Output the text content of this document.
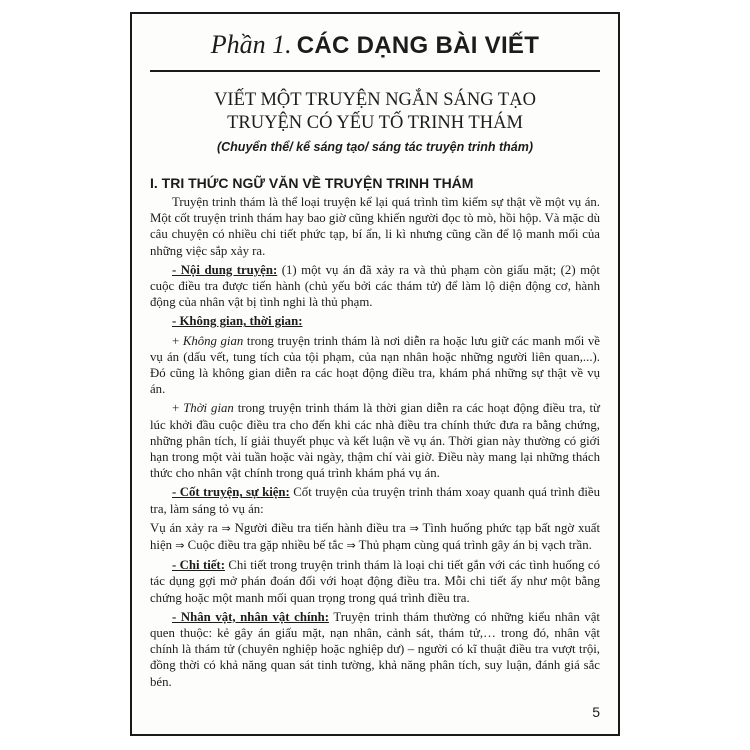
Phần 1. CÁC DẠNG BÀI VIẾT
VIẾT MỘT TRUYỆN NGẮN SÁNG TẠO
TRUYỆN CÓ YẾU TỐ TRINH THÁM
(Chuyển thể/ kể sáng tạo/ sáng tác truyện trinh thám)
I. TRI THỨC NGỮ VĂN VỀ TRUYỆN TRINH THÁM

Truyện trinh thám là thể loại truyện kể lại quá trình tìm kiếm sự thật về một vụ án. Một cốt truyện trinh thám hay bao giờ cũng khiến người đọc tò mò, hồi hộp. Và mặc dù câu chuyện có nhiều chi tiết phức tạp, bí ẩn, li kì nhưng cũng cần để lộ manh mối của những việc sắp xảy ra.

- Nội dung truyện: (1) một vụ án đã xảy ra và thủ phạm còn giấu mặt; (2) một cuộc điều tra được tiến hành (chủ yếu bởi các thám tử) để làm lộ diện động cơ, hành động của nhân vật bị tình nghi là thủ phạm.

- Không gian, thời gian:

+ Không gian trong truyện trinh thám là nơi diễn ra hoặc lưu giữ các manh mối về vụ án (dấu vết, tung tích của tội phạm, của nạn nhân hoặc những người liên quan,...). Đó cũng là không gian diễn ra các hoạt động điều tra, khám phá những sự thật về vụ án.

+ Thời gian trong truyện trinh thám là thời gian diễn ra các hoạt động điều tra, từ lúc khởi đầu cuộc điều tra cho đến khi các nhà điều tra chính thức đưa ra bằng chứng, những phân tích, lí giải thuyết phục và kết luận về vụ án. Thời gian này thường có giới hạn trong một vài tuần hoặc vài ngày, thậm chí vài giờ. Điều này mang lại những thách thức cho nhân vật chính trong quá trình khám phá vụ án.

- Cốt truyện, sự kiện: Cốt truyện của truyện trinh thám xoay quanh quá trình điều tra, làm sáng tỏ vụ án:

Vụ án xảy ra ⇒ Người điều tra tiến hành điều tra ⇒ Tình huống phức tạp bất ngờ xuất hiện ⇒ Cuộc điều tra gặp nhiều bế tắc ⇒ Thủ phạm cùng quá trình gây án bị vạch trần.

- Chi tiết: Chi tiết trong truyện trinh thám là loại chi tiết gắn với các tình huống có tác dụng gợi mở phán đoán đối với hoạt động điều tra. Mỗi chi tiết ấy như một bằng chứng hoặc một manh mối quan trọng trong quá trình điều tra.

- Nhân vật, nhân vật chính: Truyện trinh thám thường có những kiểu nhân vật quen thuộc: kẻ gây án giấu mặt, nạn nhân, cảnh sát, thám tử,… trong đó, nhân vật chính là thám tử (chuyên nghiệp hoặc nghiệp dư) – người có kĩ thuật điều tra vượt trội, đồng thời có khả năng quan sát tinh tường, khả năng phân tích, suy luận, đánh giá sắc bén.

5
